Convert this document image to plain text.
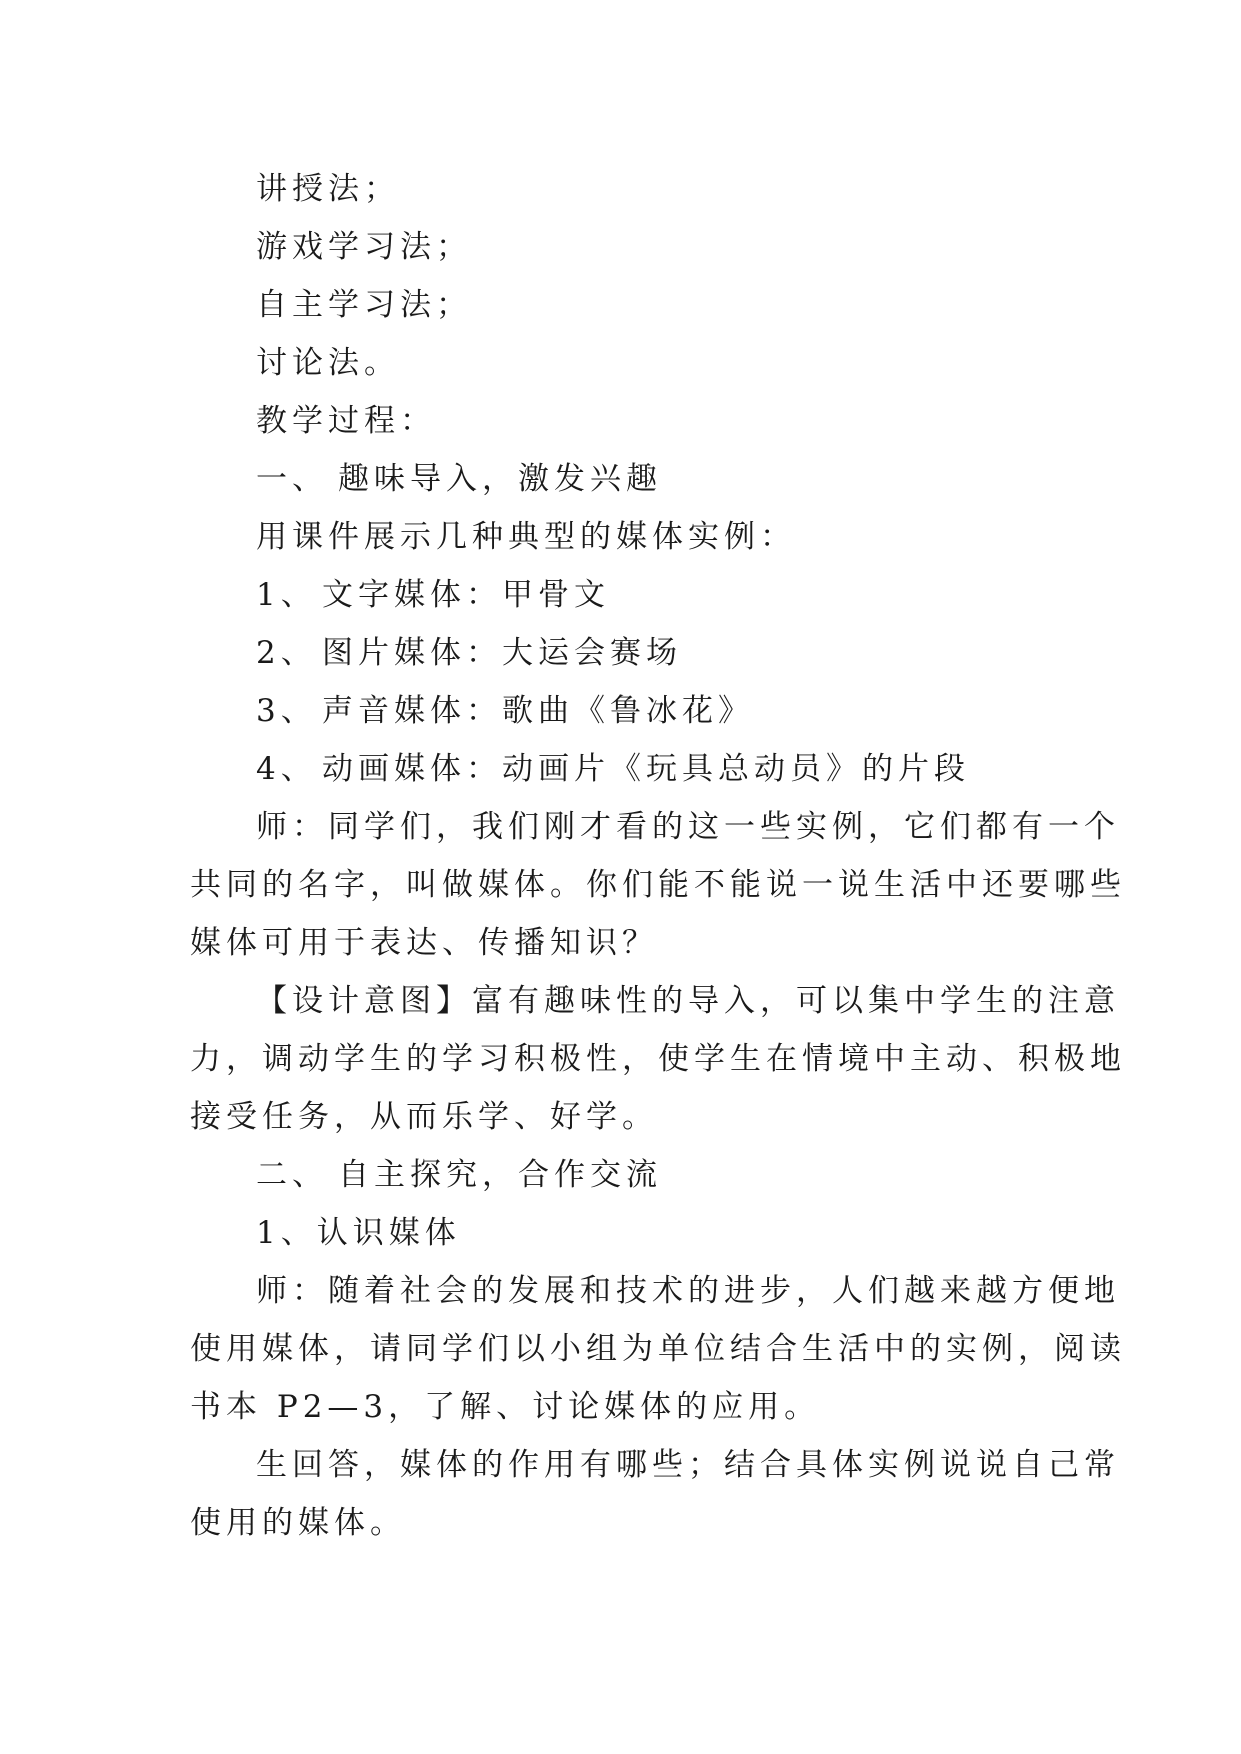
讲授法；

游戏学习法；

自主学习法；

讨论法。

教学过程：

一、 趣味导入，激发兴趣

用课件展示几种典型的媒体实例：

1、 文字媒体：甲骨文

2、 图片媒体：大运会赛场

3、 声音媒体：歌曲《鲁冰花》

4、 动画媒体：动画片《玩具总动员》的片段

师：同学们，我们刚才看的这一些实例，它们都有一个
共同的名字，叫做媒体。你们能不能说一说生活中还要哪些
媒体可用于表达、传播知识？
【设计意图】富有趣味性的导入，可以集中学生的注意
力，调动学生的学习积极性，使学生在情境中主动、积极地
接受任务，从而乐学、好学。

二、 自主探究，合作交流

1、认识媒体

师：随着社会的发展和技术的进步，人们越来越方便地
使用媒体，请同学们以小组为单位结合生活中的实例，阅读
书本 P2—3，了解、讨论媒体的应用。
生回答，媒体的作用有哪些；结合具体实例说说自己常
使用的媒体。
